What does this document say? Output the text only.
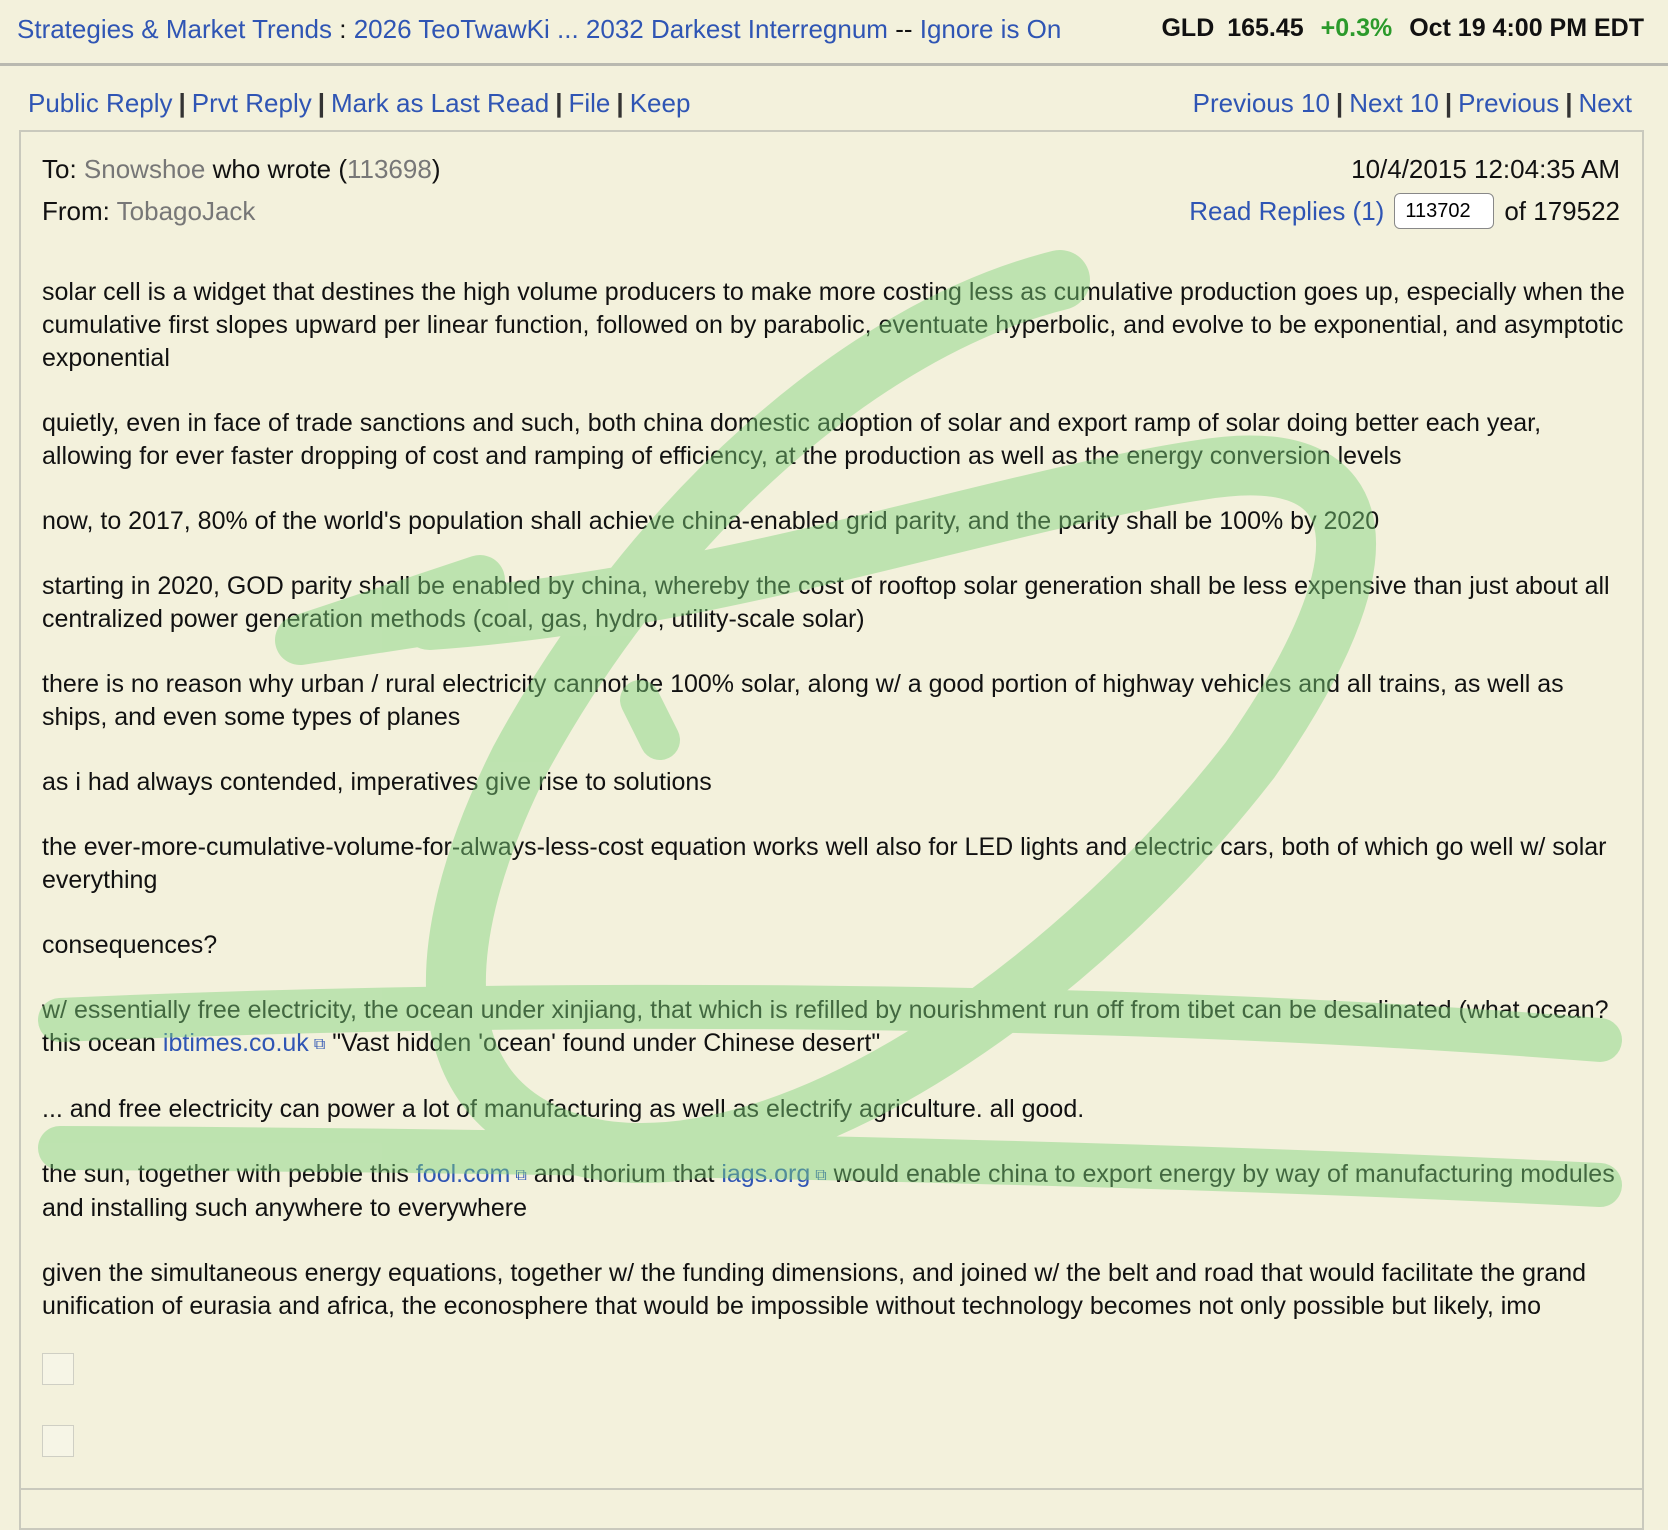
Strategies & Market Trends : 2026 TeoTwawKi ... 2032 Darkest Interregnum -- Ignore is On	GLD 165.45 +0.3% Oct 19 4:00 PM EDT
Public Reply | Prvt Reply | Mark as Last Read | File | Keep	Previous 10 | Next 10 | Previous | Next
To: Snowshoe who wrote (113698)
From: TobagoJack
10/4/2015 12:04:35 AM
Read Replies (1)
113702	of 179522

solar cell is a widget that destines the high volume producers to make more costing less as cumulative production goes up, especially when the cumulative first slopes upward per linear function, followed on by parabolic, eventuate hyperbolic, and evolve to be exponential, and asymptotic exponential

quietly, even in face of trade sanctions and such, both china domestic adoption of solar and export ramp of solar doing better each year, allowing for ever faster dropping of cost and ramping of efficiency, at the production as well as the energy conversion levels

now, to 2017, 80% of the world's population shall achieve china-enabled grid parity, and the parity shall be 100% by 2020

starting in 2020, GOD parity shall be enabled by china, whereby the cost of rooftop solar generation shall be less expensive than just about all centralized power generation methods (coal, gas, hydro, utility-scale solar)

there is no reason why urban / rural electricity cannot be 100% solar, along w/ a good portion of highway vehicles and all trains, as well as ships, and even some types of planes

as i had always contended, imperatives give rise to solutions

the ever-more-cumulative-volume-for-always-less-cost equation works well also for LED lights and electric cars, both of which go well w/ solar everything

consequences?

w/ essentially free electricity, the ocean under xinjiang, that which is refilled by nourishment run off from tibet can be desalinated (what ocean? this ocean ibtimes.co.uk ⧉ "Vast hidden 'ocean' found under Chinese desert"

... and free electricity can power a lot of manufacturing as well as electrify agriculture. all good.

the sun, together with pebble this fool.com ⧉ and thorium that iags.org ⧉ would enable china to export energy by way of manufacturing modules and installing such anywhere to everywhere

given the simultaneous energy equations, together w/ the funding dimensions, and joined w/ the belt and road that would facilitate the grand unification of eurasia and africa, the econosphere that would be impossible without technology becomes not only possible but likely, imo
